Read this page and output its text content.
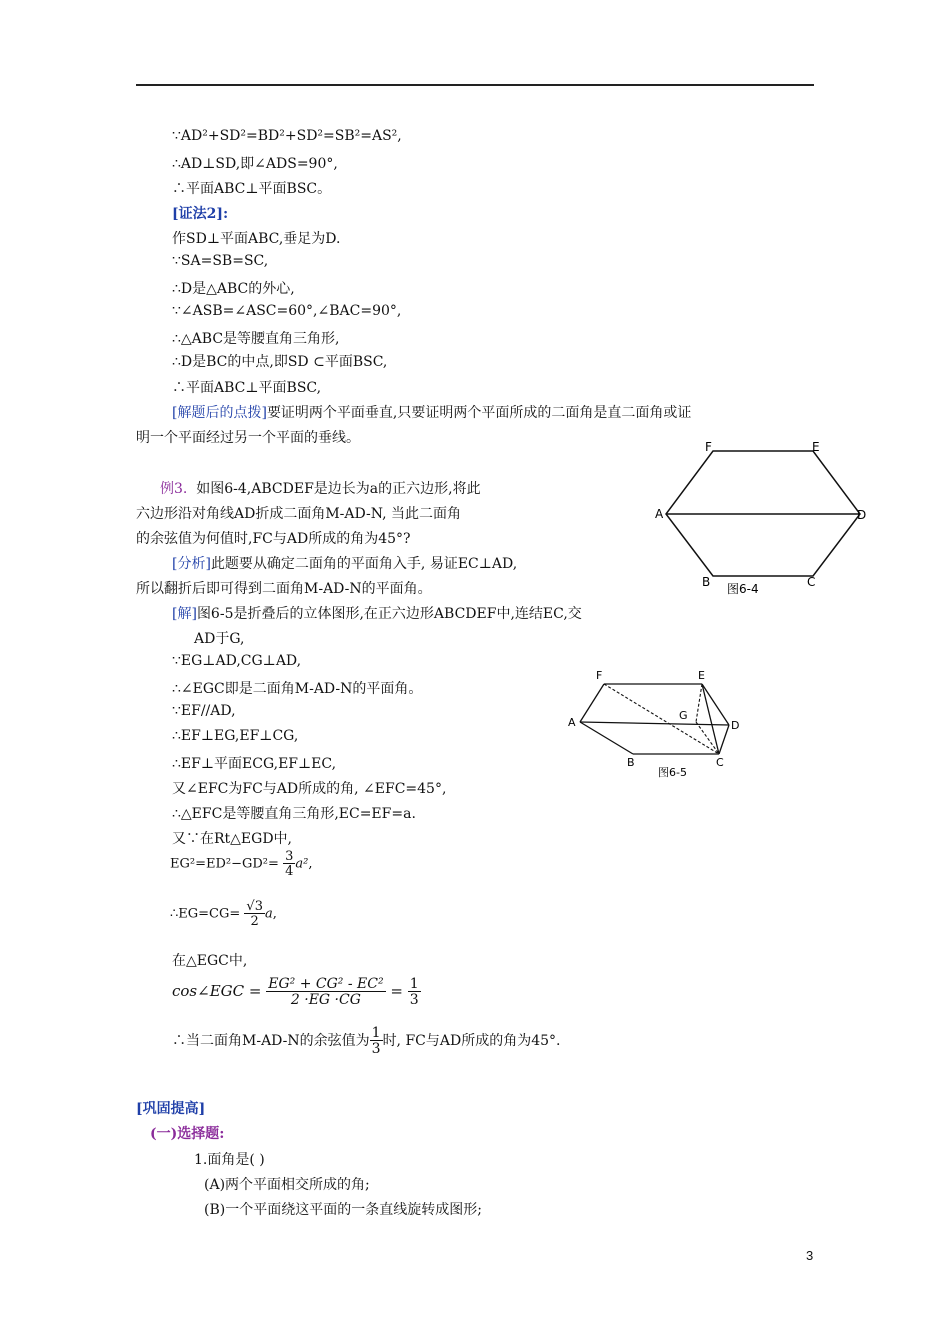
∵AD²+SD²=BD²+SD²=SB²=AS²,
∴AD⊥SD,即∠ADS=90°,
∴平面ABC⊥平面BSC。
[证法2]:
作SD⊥平面ABC,垂足为D.
∵SA=SB=SC,
∴D是△ABC的外心,
∵∠ASB=∠ASC=60°,∠BAC=90°,
∴△ABC是等腰直角三角形,
∴D是BC的中点,即SD ⊂平面BSC,
∴平面ABC⊥平面BSC,
[解题后的点拨]要证明两个平面垂直,只要证明两个平面所成的二面角是直二面角或证
明一个平面经过另一个平面的垂线。
例3. 如图6-4,ABCDEF是边长为a的正六边形,将此
六边形沿对角线AD折成二面角M-AD-N, 当此二面角
的余弦值为何值时,FC与AD所成的角为45°?
[分析]此题要从确定二面角的平面角入手, 易证EC⊥AD,
所以翻折后即可得到二面角M-AD-N的平面角。
[解]图6-5是折叠后的立体图形,在正六边形ABCDEF中,连结EC,交
AD于G,
∵EG⊥AD,CG⊥AD,
∴∠EGC即是二面角M-AD-N的平面角。
∵EF//AD,
∴EF⊥EG,EF⊥CG,
∴EF⊥平面ECG,EF⊥EC,
又∠EFC为FC与AD所成的角, ∠EFC=45°,
∴△EFC是等腰直角三角形,EC=EF=a.
又∵在Rt△EGD中,
$EG^2=ED^2-GD^2= \frac{3}{4} a^2$,
∴EG=CG= $\frac{√3}{2} a$,
在△EGC中,
cos∠EGC = $\frac{\text{EG² + CG² - EC²}}{2 \cdot EG \cdot CG} = \frac{1}{3}$
∴当二面角M-AD-N的余弦值为 $\frac{1}{3}$ 时, FC与AD所成的角为45°.
[巩固提高]
(一)选择题:
1.面角是( )
(A)两个平面相交所成的角;
(B)一个平面绕这平面的一条直线旋转成图形;
F	E
A	D
B	C
图6-4
F	E
A
G
D
B	C
图6-5
3
